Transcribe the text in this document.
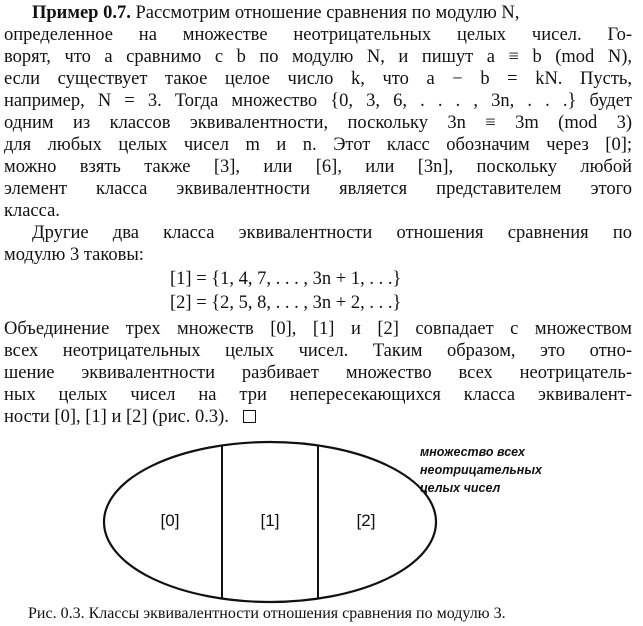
Пример 0.7. Рассмотрим отношение сравнения по модулю N,
определенное на множестве неотрицательных целых чисел. Го-
ворят, что a сравнимо с b по модулю N, и пишут a ≡ b (mod N),
если существует такое целое число k, что a − b = kN. Пусть,
например, N = 3. Тогда множество {0, 3, 6, . . . , 3n, . . .} будет
одним из классов эквивалентности, поскольку 3n ≡ 3m (mod 3)
для любых целых чисел m и n. Этот класс обозначим через [0];
можно взять также [3], или [6], или [3n], поскольку любой
элемент класса эквивалентности является представителем этого
класса.
Другие два класса эквивалентности отношения сравнения по
модулю 3 таковы:
[1] = {1, 4, 7, . . . , 3n + 1, . . .}
[2] = {2, 5, 8, . . . , 3n + 2, . . .}
Объединение трех множеств [0], [1] и [2] совпадает с множеством
всех неотрицательных целых чисел. Таким образом, это отно-
шение эквивалентности разбивает множество всех неотрицатель-
ных целых чисел на три непересекающихся класса эквивалент-
ности [0], [1] и [2] (рис. 0.3).
[0]	[1]	[2]
множество всех
неотрицательных
целых чисел
Рис. 0.3. Классы эквивалентности отношения сравнения по модулю 3.
